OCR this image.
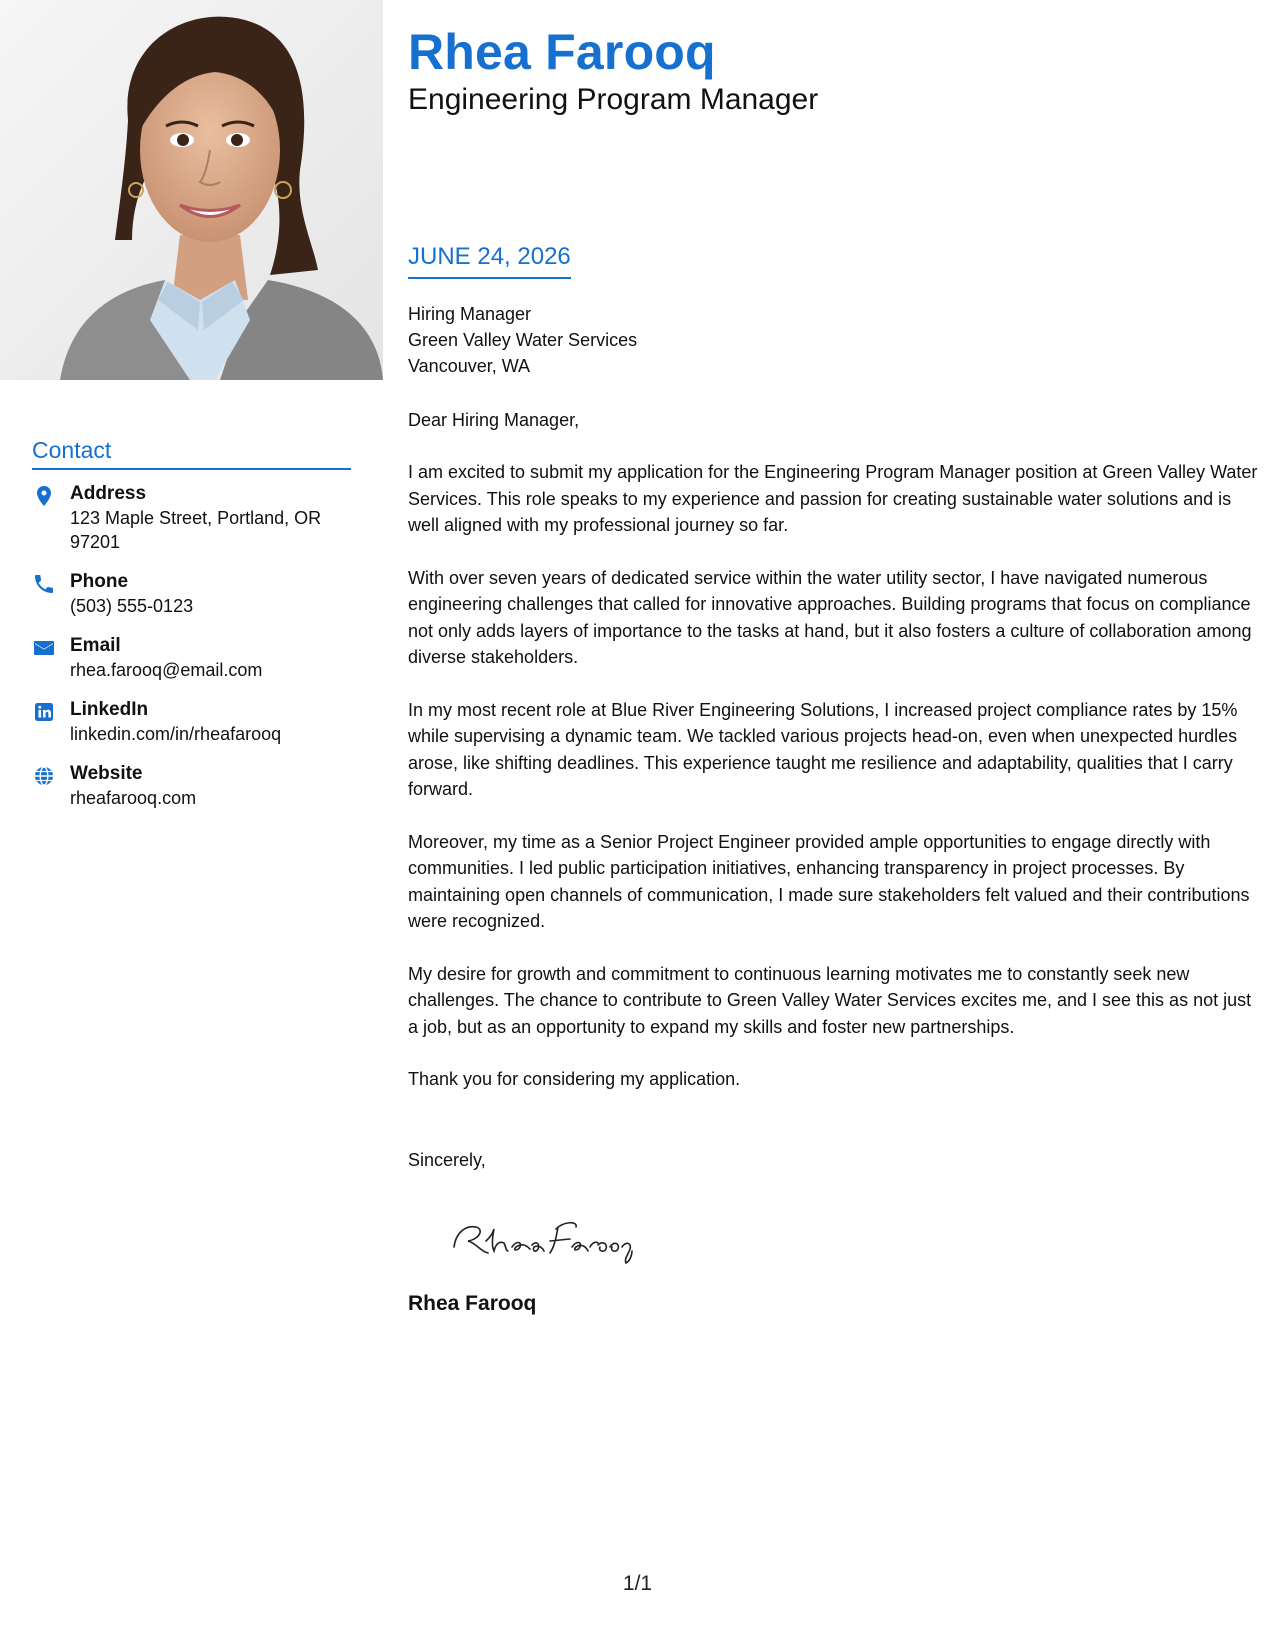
Contact
Address
123 Maple Street, Portland, OR 97201
Phone
(503) 555-0123
Email
rhea.farooq@email.com
LinkedIn
linkedin.com/in/rheafarooq
Website
rheafarooq.com
Rhea Farooq
Engineering Program Manager
JUNE 24, 2026
Hiring Manager
Green Valley Water Services
Vancouver, WA
Dear Hiring Manager,
I am excited to submit my application for the Engineering Program Manager position at Green Valley Water Services. This role speaks to my experience and passion for creating sustainable water solutions and is well aligned with my professional journey so far.
With over seven years of dedicated service within the water utility sector, I have navigated numerous engineering challenges that called for innovative approaches. Building programs that focus on compliance not only adds layers of importance to the tasks at hand, but it also fosters a culture of collaboration among diverse stakeholders.
In my most recent role at Blue River Engineering Solutions, I increased project compliance rates by 15% while supervising a dynamic team. We tackled various projects head-on, even when unexpected hurdles arose, like shifting deadlines. This experience taught me resilience and adaptability, qualities that I carry forward.
Moreover, my time as a Senior Project Engineer provided ample opportunities to engage directly with communities. I led public participation initiatives, enhancing transparency in project processes. By maintaining open channels of communication, I made sure stakeholders felt valued and their contributions were recognized.
My desire for growth and commitment to continuous learning motivates me to constantly seek new challenges. The chance to contribute to Green Valley Water Services excites me, and I see this as not just a job, but as an opportunity to expand my skills and foster new partnerships.
Thank you for considering my application.
Sincerely,
Rhea Farooq
1/1
